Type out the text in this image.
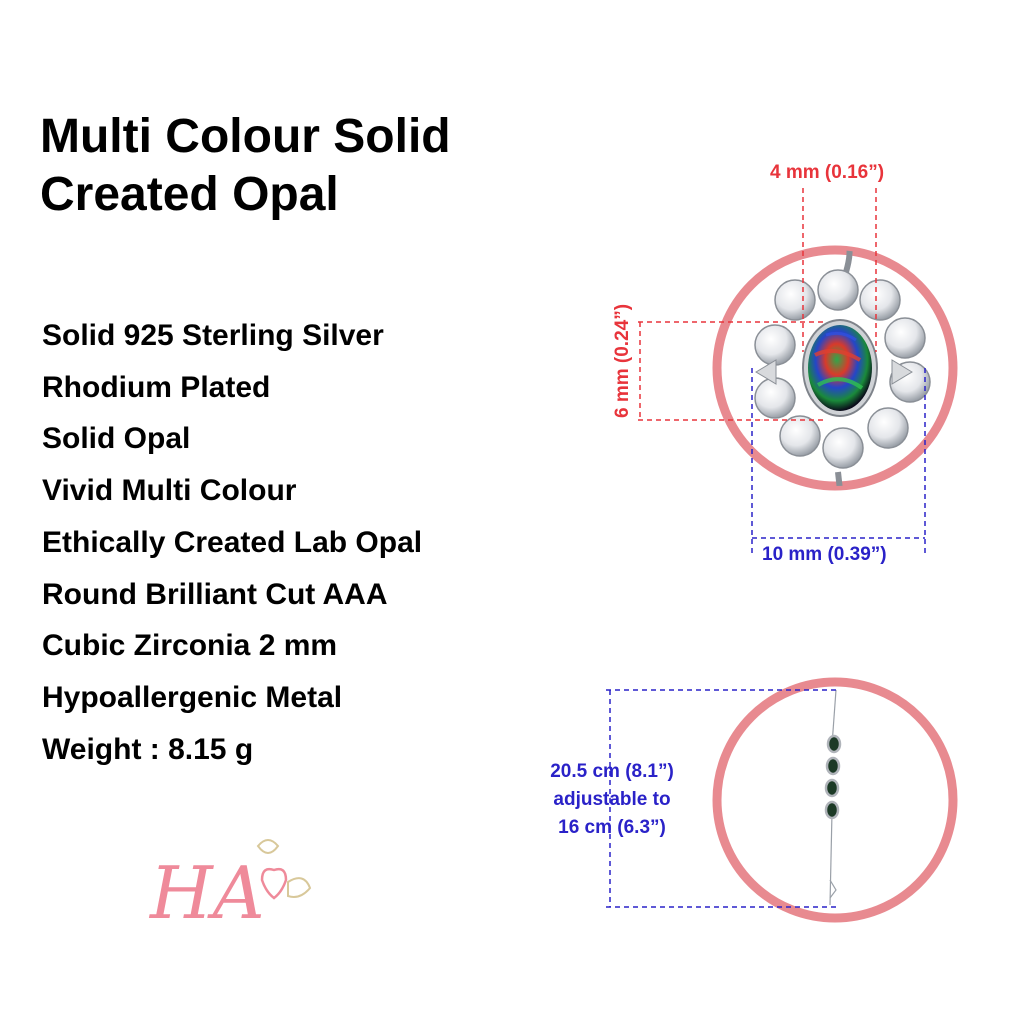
Multi Colour Solid
Created Opal
Solid 925 Sterling Silver
Rhodium Plated
Solid Opal
Vivid Multi Colour
Ethically Created Lab Opal
Round Brilliant Cut AAA
Cubic Zirconia 2 mm
Hypoallergenic Metal
Weight : 8.15 g
HA
4 mm (0.16”)
6 mm (0.24”)
10 mm (0.39”)
20.5 cm (8.1”)
adjustable to
16 cm (6.3”)
